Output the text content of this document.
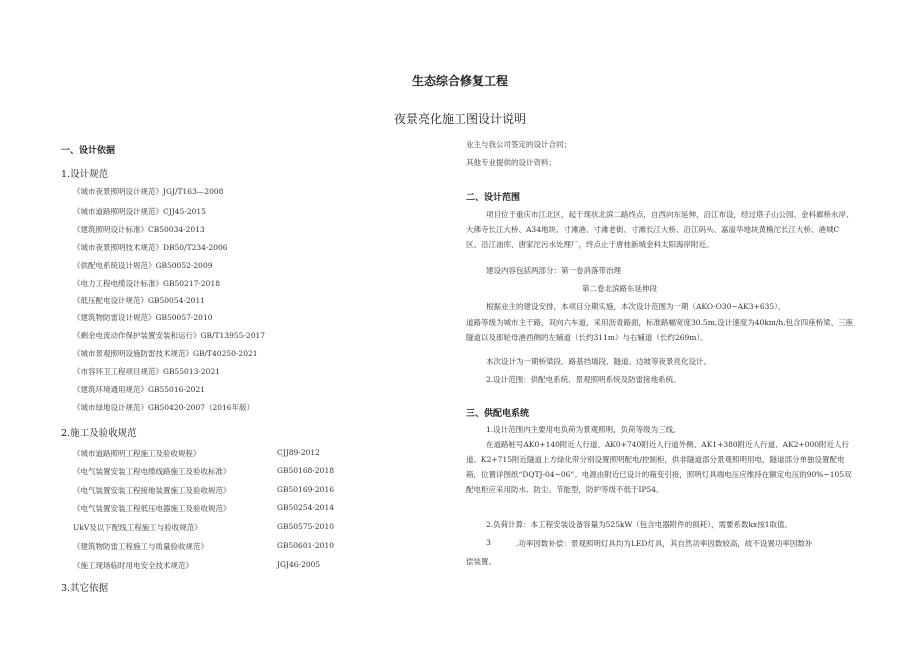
生态综合修复工程
夜景亮化施工图设计说明
一、设计依据
1.设计规范
《城市夜景照明设计规范》JGJ/T163—2008
《城市道路照明设计规范》CJJ45-2015
《建筑照明设计标准》CB50034-2013
《城市夜景照明技术规范》DB50/T234-2006
《供配电系统设计规范》GB50052-2009
《电力工程电缆设计标准》GB50217-2018
《低压配电设计规范》GB50054-2011
《建筑物防雷设计规范》GB50057-2010
《剩余电流动作保护装置安装和运行》GB/T13955-2017
《城市景观照明设施防雷技术规范》GB/T40250-2021
《市容环卫工程项目规范》GB55013-2021
《建筑环境通用规范》GB55016-2021
《城市绿地设计规范》GB50420-2007（2016年版）
2.施工及验收规范
《城市道路照明工程施工及验收规程》	CJJ89-2012
《电气装置安装工程电缆线路施工及验收标准》	GB50168-2018
《电气装置安装工程接地装置施工及验收规范》	GB50169-2016
《电气装置安装工程低压电器施工及验收规范》	GB50254-2014
UkV及以下配线工程施工与验收规范》	GB50575-2010
《建筑物防雷工程施工与质量验收规范》	GB50601-2010
《施工现场临时用电安全技术规范》	JGJ46-2005
3.其它依据
业主与我公司签定的设计合同；
其他专业提供的设计资料；
二、设计范围
项目位于重庆市江北区，起于现状北滨二路终点，自西向东延伸，沿江布设，经过塔子山公园、金科廊桥水岸、大佛寺长江大桥、A34地块、寸滩港、寸滩老街、寸滩长江大桥、沿江码头、嘉溢华地块黄桷沱长江大桥、港城C区、沿江油库、唐家沱污水处理厂，终点止于唐桂新城金科太阳海岸附近。
建设内容包括两部分：第一卷消落带治理
第二卷北滨路东延伸段
根据业主的建设安排，本项目分期实施，本次设计范围为一期（AKO-O30~AK3+635），
道路等级为城市主干路，双向六车道，采用沥青路面，标准路幅宽度30.5m,设计速度为40km/h,包含四座桥梁、三座隧道以及郎轮母港西侧的左辅道（长约311m）与右辅道（长约269m）。
本次设计为一期桥梁段、路基挡墙段、隧道、边坡等夜景亮化设计。
2.设计范围：供配电系统、景观照明系统及防雷接地系统。
三、供配电系统
1.设计范围内主要用电负荷为景观照明，负荷等级为三线。
在道路桩号AK0+140附近人行道、AK0+740附近人行道外侧、AK1+380附近人行道、AK2+000附近人行道、K2+715附近隧道上方绿化带分别设置照明配电/控制柜，供非隧道部分景观照明用电，隧道部分单独设置配电箱，位置详图纸“DQTJ-04~06”。电源由附近已设计的箱变引接，照明灯具端电压应维持在额定电压的90%~105双配电柜应采用防水、防尘、节能型，防护等级不低于IP54。
2.负荷计算：本工程安装设备容量为525kW（包含电器附件的损耗），需要系数kx按1取值。
3	.功率因数补偿：景观照明灯具均为LED灯具，其自然功率因数较高，故不设置功率因数补
偿装置。
